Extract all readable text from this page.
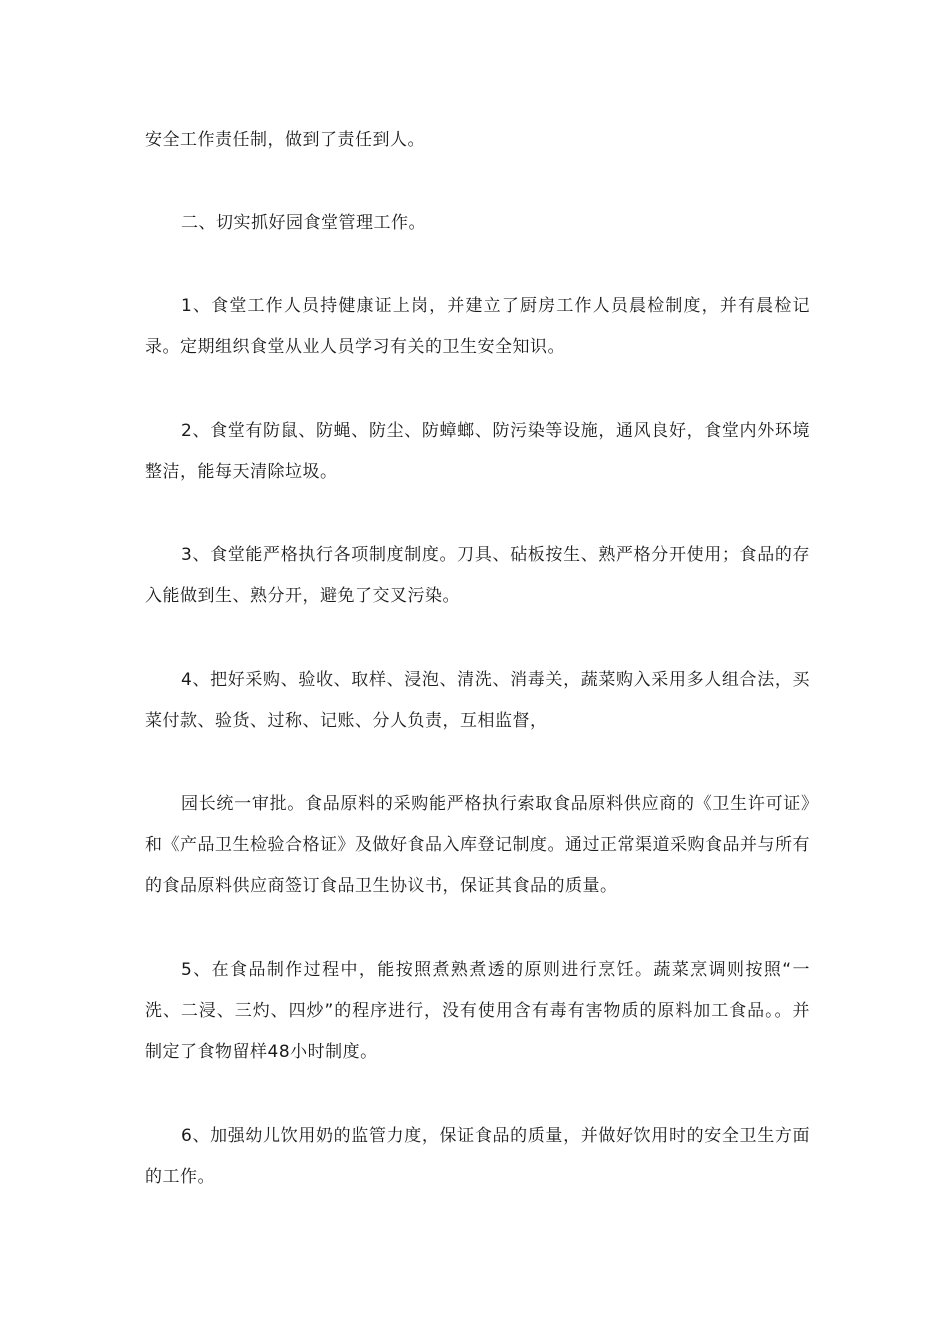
安全工作责任制，做到了责任到人。

二、切实抓好园食堂管理工作。

1、食堂工作人员持健康证上岗，并建立了厨房工作人员晨检制度，并有晨检记录。定期组织食堂从业人员学习有关的卫生安全知识。

2、食堂有防鼠、防蝇、防尘、防蟑螂、防污染等设施，通风良好，食堂内外环境整洁，能每天清除垃圾。

3、食堂能严格执行各项制度制度。刀具、砧板按生、熟严格分开使用；食品的存入能做到生、熟分开，避免了交叉污染。

4、把好采购、验收、取样、浸泡、清洗、消毒关，蔬菜购入采用多人组合法，买菜付款、验货、过称、记账、分人负责，互相监督，

园长统一审批。食品原料的采购能严格执行索取食品原料供应商的《卫生许可证》和《产品卫生检验合格证》及做好食品入库登记制度。通过正常渠道采购食品并与所有的食品原料供应商签订食品卫生协议书，保证其食品的质量。

5、在食品制作过程中，能按照煮熟煮透的原则进行烹饪。蔬菜烹调则按照“一洗、二浸、三灼、四炒”的程序进行，没有使用含有毒有害物质的原料加工食品。。并制定了食物留样48小时制度。

6、加强幼儿饮用奶的监管力度，保证食品的质量，并做好饮用时的安全卫生方面的工作。
